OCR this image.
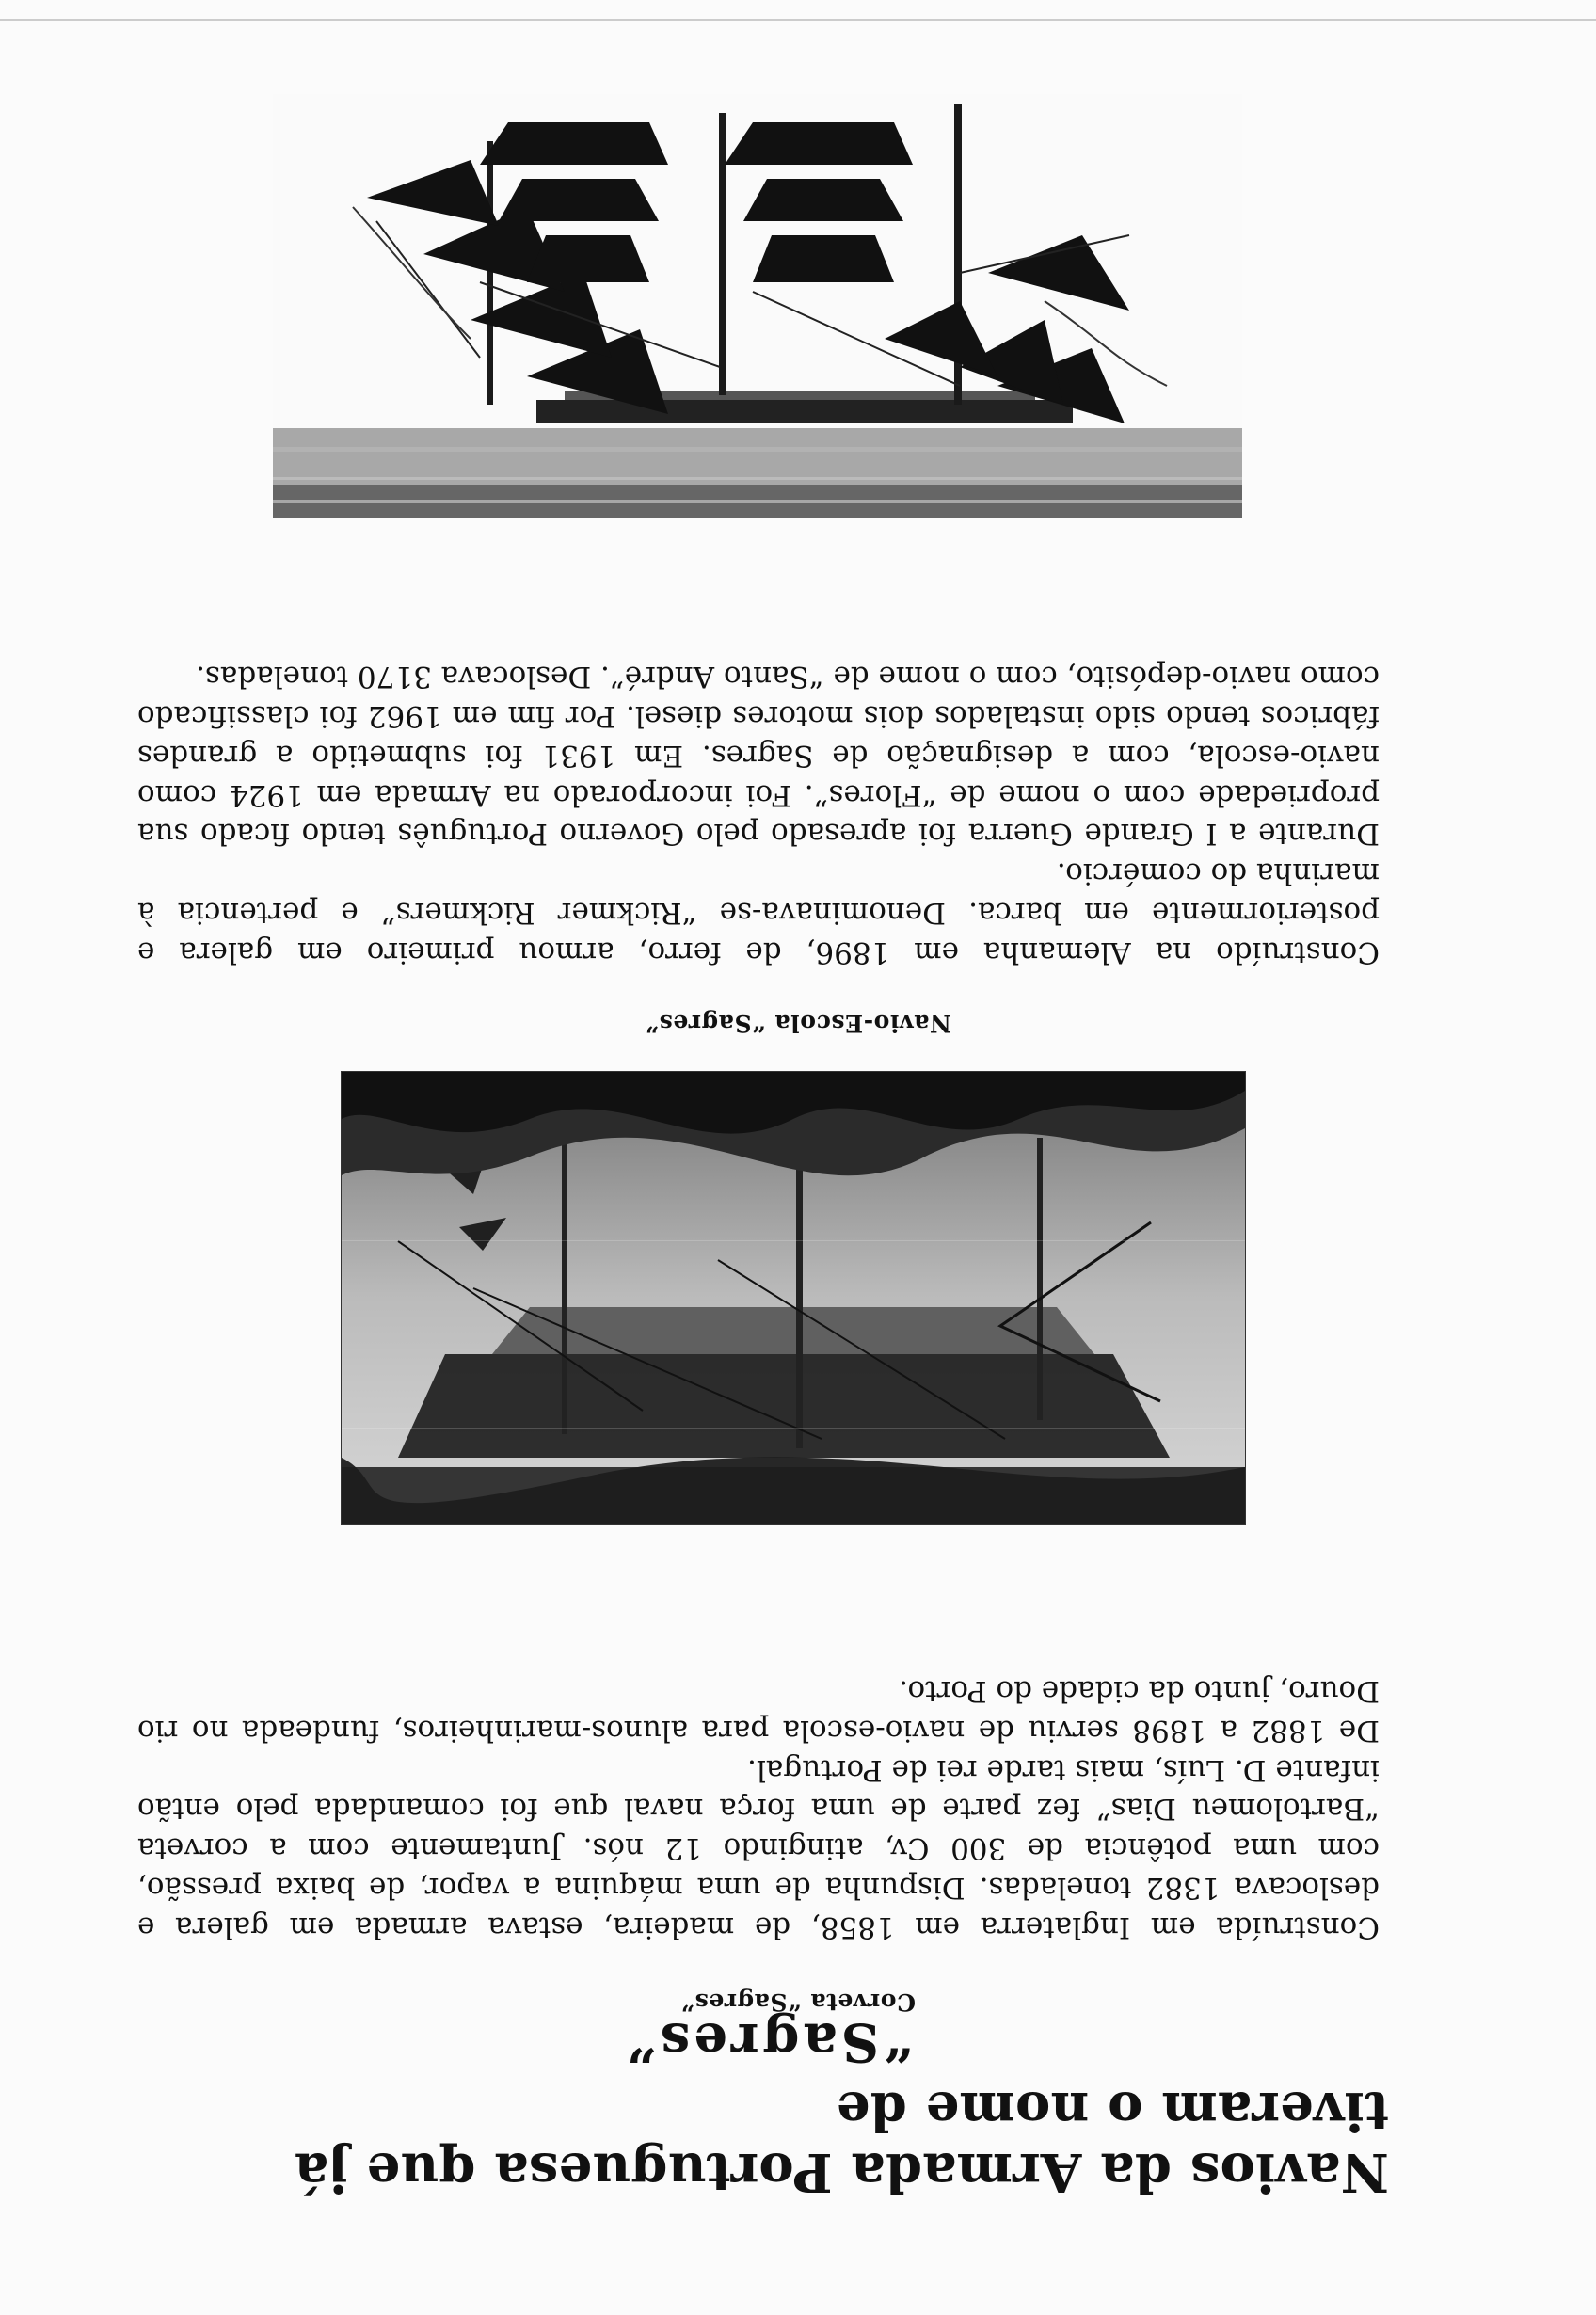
Navios da Armada Portuguesa que já tiveram o nome de
“Sagres”
Corveta “Sagres”
Construída em Inglaterra em 1858, de madeira, estava armada em galera e deslocava 1382 toneladas. Dispunha de uma máquina a vapor, de baixa pressão, com uma potência de 300 Cv, atingindo 12 nós. Juntamente com a corveta “Bartolomeu Dias” fez parte de uma força naval que foi comandada pelo então infante D. Luís, mais tarde rei de Portugal.
De 1882 a 1898 serviu de navio-escola para alunos-marinheiros, fundeada no rio Douro, junto da cidade do Porto.
Navio-Escola “Sagres”
Construído na Alemanha em 1896, de ferro, armou primeiro em galera e posteriormente em barca. Denominava-se “Rickmer Rickmers” e pertencia à marinha do comércio.
Durante a I Grande Guerra foi apresado pelo Governo Português tendo ficado sua propriedade com o nome de “Flores”. Foi incorporado na Armada em 1924 como navio-escola, com a designação de Sagres. Em 1931 foi submetido a grandes fábricos tendo sido instalados dois motores diesel. Por fim em 1962 foi classificado como navio-depósito, com o nome de “Santo André”. Deslocava 3170 toneladas.
